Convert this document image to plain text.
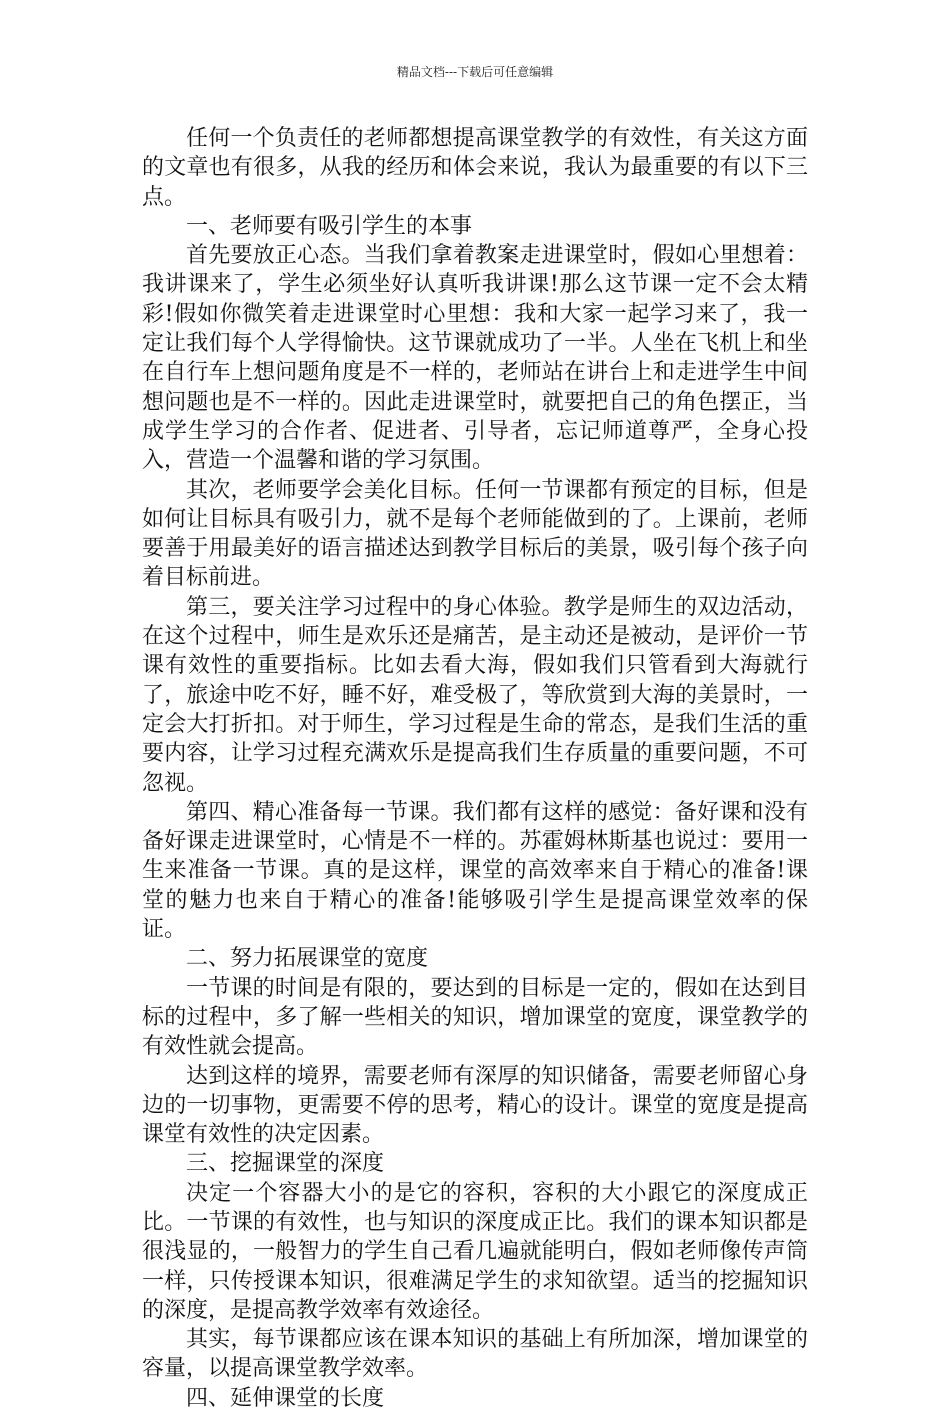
精品文档---下载后可任意编辑

任何一个负责任的老师都想提高课堂教学的有效性，有关这方面的文章也有很多，从我的经历和体会来说，我认为最重要的有以下三点。

一、老师要有吸引学生的本事

首先要放正心态。当我们拿着教案走进课堂时，假如心里想着：我讲课来了，学生必须坐好认真听我讲课!那么这节课一定不会太精彩!假如你微笑着走进课堂时心里想：我和大家一起学习来了，我一定让我们每个人学得愉快。这节课就成功了一半。人坐在飞机上和坐在自行车上想问题角度是不一样的，老师站在讲台上和走进学生中间想问题也是不一样的。因此走进课堂时，就要把自己的角色摆正，当成学生学习的合作者、促进者、引导者，忘记师道尊严，全身心投入，营造一个温馨和谐的学习氛围。

其次，老师要学会美化目标。任何一节课都有预定的目标，但是如何让目标具有吸引力，就不是每个老师能做到的了。上课前，老师要善于用最美好的语言描述达到教学目标后的美景，吸引每个孩子向着目标前进。

第三，要关注学习过程中的身心体验。教学是师生的双边活动，在这个过程中，师生是欢乐还是痛苦，是主动还是被动，是评价一节课有效性的重要指标。比如去看大海，假如我们只管看到大海就行了，旅途中吃不好，睡不好，难受极了，等欣赏到大海的美景时，一定会大打折扣。对于师生，学习过程是生命的常态，是我们生活的重要内容，让学习过程充满欢乐是提高我们生存质量的重要问题，不可忽视。

第四、精心准备每一节课。我们都有这样的感觉：备好课和没有备好课走进课堂时，心情是不一样的。苏霍姆林斯基也说过：要用一生来准备一节课。真的是这样，课堂的高效率来自于精心的准备!课堂的魅力也来自于精心的准备!能够吸引学生是提高课堂效率的保证。

二、努力拓展课堂的宽度

一节课的时间是有限的，要达到的目标是一定的，假如在达到目标的过程中，多了解一些相关的知识，增加课堂的宽度，课堂教学的有效性就会提高。

达到这样的境界，需要老师有深厚的知识储备，需要老师留心身边的一切事物，更需要不停的思考，精心的设计。课堂的宽度是提高课堂有效性的决定因素。

三、挖掘课堂的深度

决定一个容器大小的是它的容积，容积的大小跟它的深度成正比。一节课的有效性，也与知识的深度成正比。我们的课本知识都是很浅显的，一般智力的学生自己看几遍就能明白，假如老师像传声筒一样，只传授课本知识，很难满足学生的求知欲望。适当的挖掘知识的深度，是提高教学效率有效途径。

其实，每节课都应该在课本知识的基础上有所加深，增加课堂的容量，以提高课堂教学效率。

四、延伸课堂的长度
